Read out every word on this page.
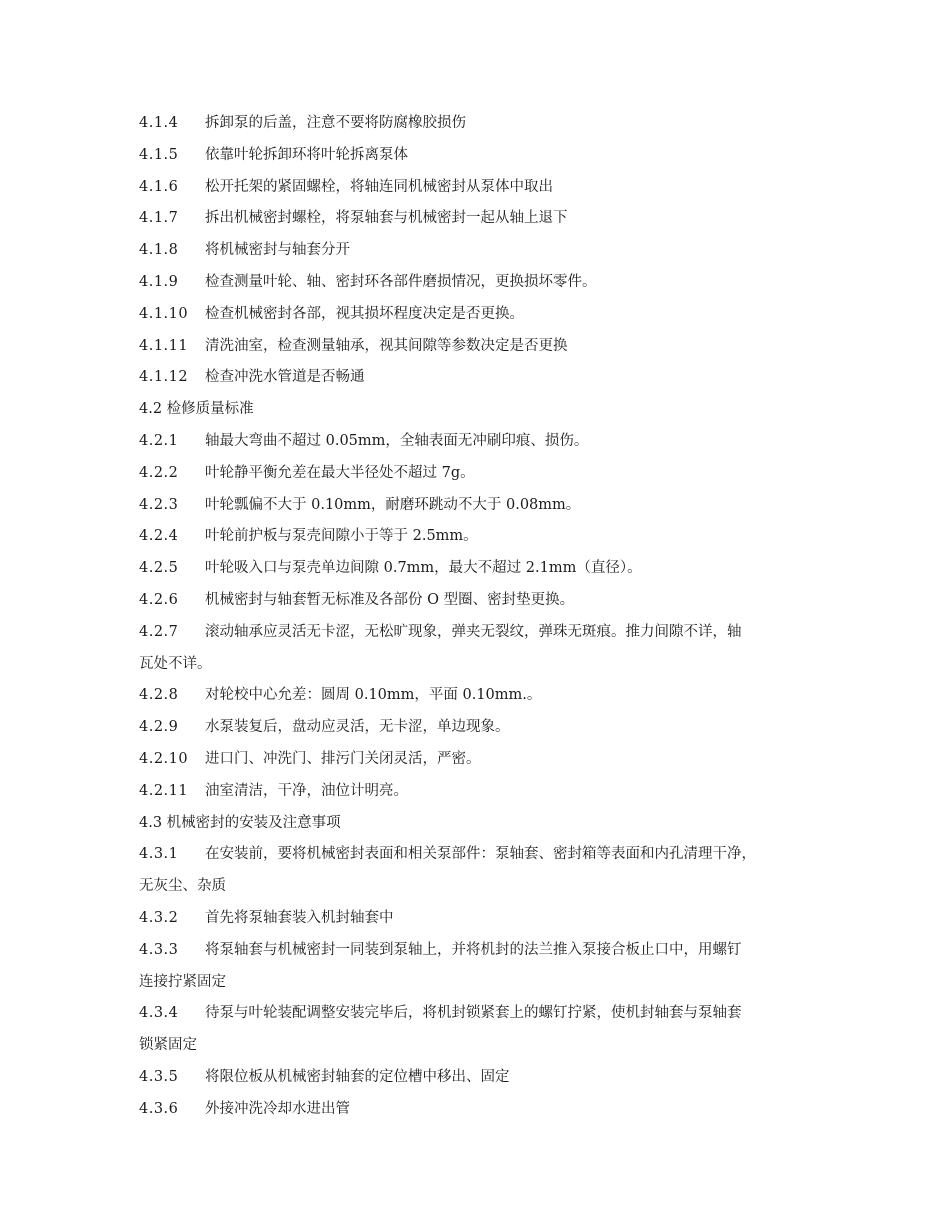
4.1.4 拆卸泵的后盖，注意不要将防腐橡胶损伤
4.1.5 依靠叶轮拆卸环将叶轮拆离泵体
4.1.6 松开托架的紧固螺栓，将轴连同机械密封从泵体中取出
4.1.7 拆出机械密封螺栓，将泵轴套与机械密封一起从轴上退下
4.1.8 将机械密封与轴套分开
4.1.9 检查测量叶轮、轴、密封环各部件磨损情况，更换损坏零件。
4.1.10 检查机械密封各部，视其损坏程度决定是否更换。
4.1.11 清洗油室，检查测量轴承，视其间隙等参数决定是否更换
4.1.12 检查冲洗水管道是否畅通
4.2 检修质量标准
4.2.1 轴最大弯曲不超过 0.05mm，全轴表面无冲刷印痕、损伤。
4.2.2 叶轮静平衡允差在最大半径处不超过 7g。
4.2.3 叶轮瓢偏不大于 0.10mm，耐磨环跳动不大于 0.08mm。
4.2.4 叶轮前护板与泵壳间隙小于等于 2.5mm。
4.2.5 叶轮吸入口与泵壳单边间隙 0.7mm，最大不超过 2.1mm（直径）。
4.2.6 机械密封与轴套暂无标准及各部份 O 型圈、密封垫更换。
4.2.7 滚动轴承应灵活无卡涩，无松旷现象，弹夹无裂纹，弹珠无斑痕。推力间隙不详，轴
瓦处不详。
4.2.8 对轮校中心允差：圆周 0.10mm，平面 0.10mm.。
4.2.9 水泵装复后，盘动应灵活，无卡涩，单边现象。
4.2.10 进口门、冲洗门、排污门关闭灵活，严密。
4.2.11 油室清洁，干净，油位计明亮。
4.3 机械密封的安装及注意事项
4.3.1 在安装前，要将机械密封表面和相关泵部件：泵轴套、密封箱等表面和内孔清理干净，
无灰尘、杂质
4.3.2 首先将泵轴套装入机封轴套中
4.3.3 将泵轴套与机械密封一同装到泵轴上，并将机封的法兰推入泵接合板止口中，用螺钉
连接拧紧固定
4.3.4 待泵与叶轮装配调整安装完毕后，将机封锁紧套上的螺钉拧紧，使机封轴套与泵轴套
锁紧固定
4.3.5 将限位板从机械密封轴套的定位槽中移出、固定
4.3.6 外接冲洗冷却水进出管
